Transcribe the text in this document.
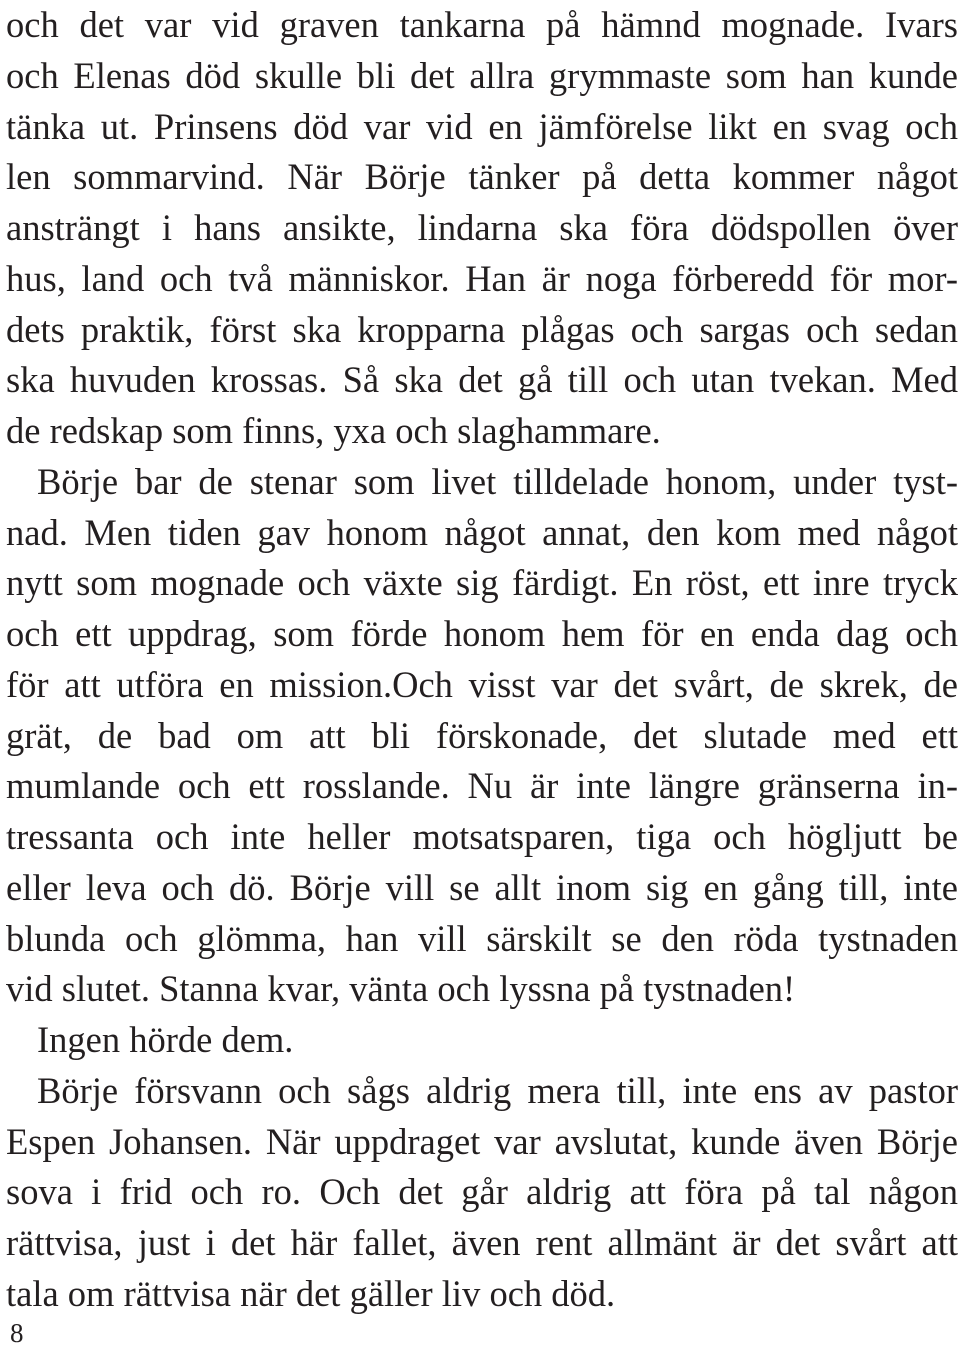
och det var vid graven tankarna på hämnd mognade. Ivars
och Elenas död skulle bli det allra grymmaste som han kunde
tänka ut. Prinsens död var vid en jämförelse likt en svag och
len sommarvind. När Börje tänker på detta kommer något
ansträngt i hans ansikte, lindarna ska föra dödspollen över
hus, land och två människor. Han är noga förberedd för mor-
dets praktik, först ska kropparna plågas och sargas och sedan
ska huvuden krossas. Så ska det gå till och utan tvekan. Med
de redskap som finns, yxa och slaghammare.
Börje bar de stenar som livet tilldelade honom, under tyst-
nad. Men tiden gav honom något annat, den kom med något
nytt som mognade och växte sig färdigt. En röst, ett inre tryck
och ett uppdrag, som förde honom hem för en enda dag och
för att utföra en mission.Och visst var det svårt, de skrek, de
grät, de bad om att bli förskonade, det slutade med ett
mumlande och ett rosslande. Nu är inte längre gränserna in-
tressanta och inte heller motsatsparen, tiga och högljutt be
eller leva och dö. Börje vill se allt inom sig en gång till, inte
blunda och glömma, han vill särskilt se den röda tystnaden
vid slutet. Stanna kvar, vänta och lyssna på tystnaden!
Ingen hörde dem.
Börje försvann och sågs aldrig mera till, inte ens av pastor
Espen Johansen. När uppdraget var avslutat, kunde även Börje
sova i frid och ro. Och det går aldrig att föra på tal någon
rättvisa, just i det här fallet, även rent allmänt är det svårt att
tala om rättvisa när det gäller liv och död.
8
